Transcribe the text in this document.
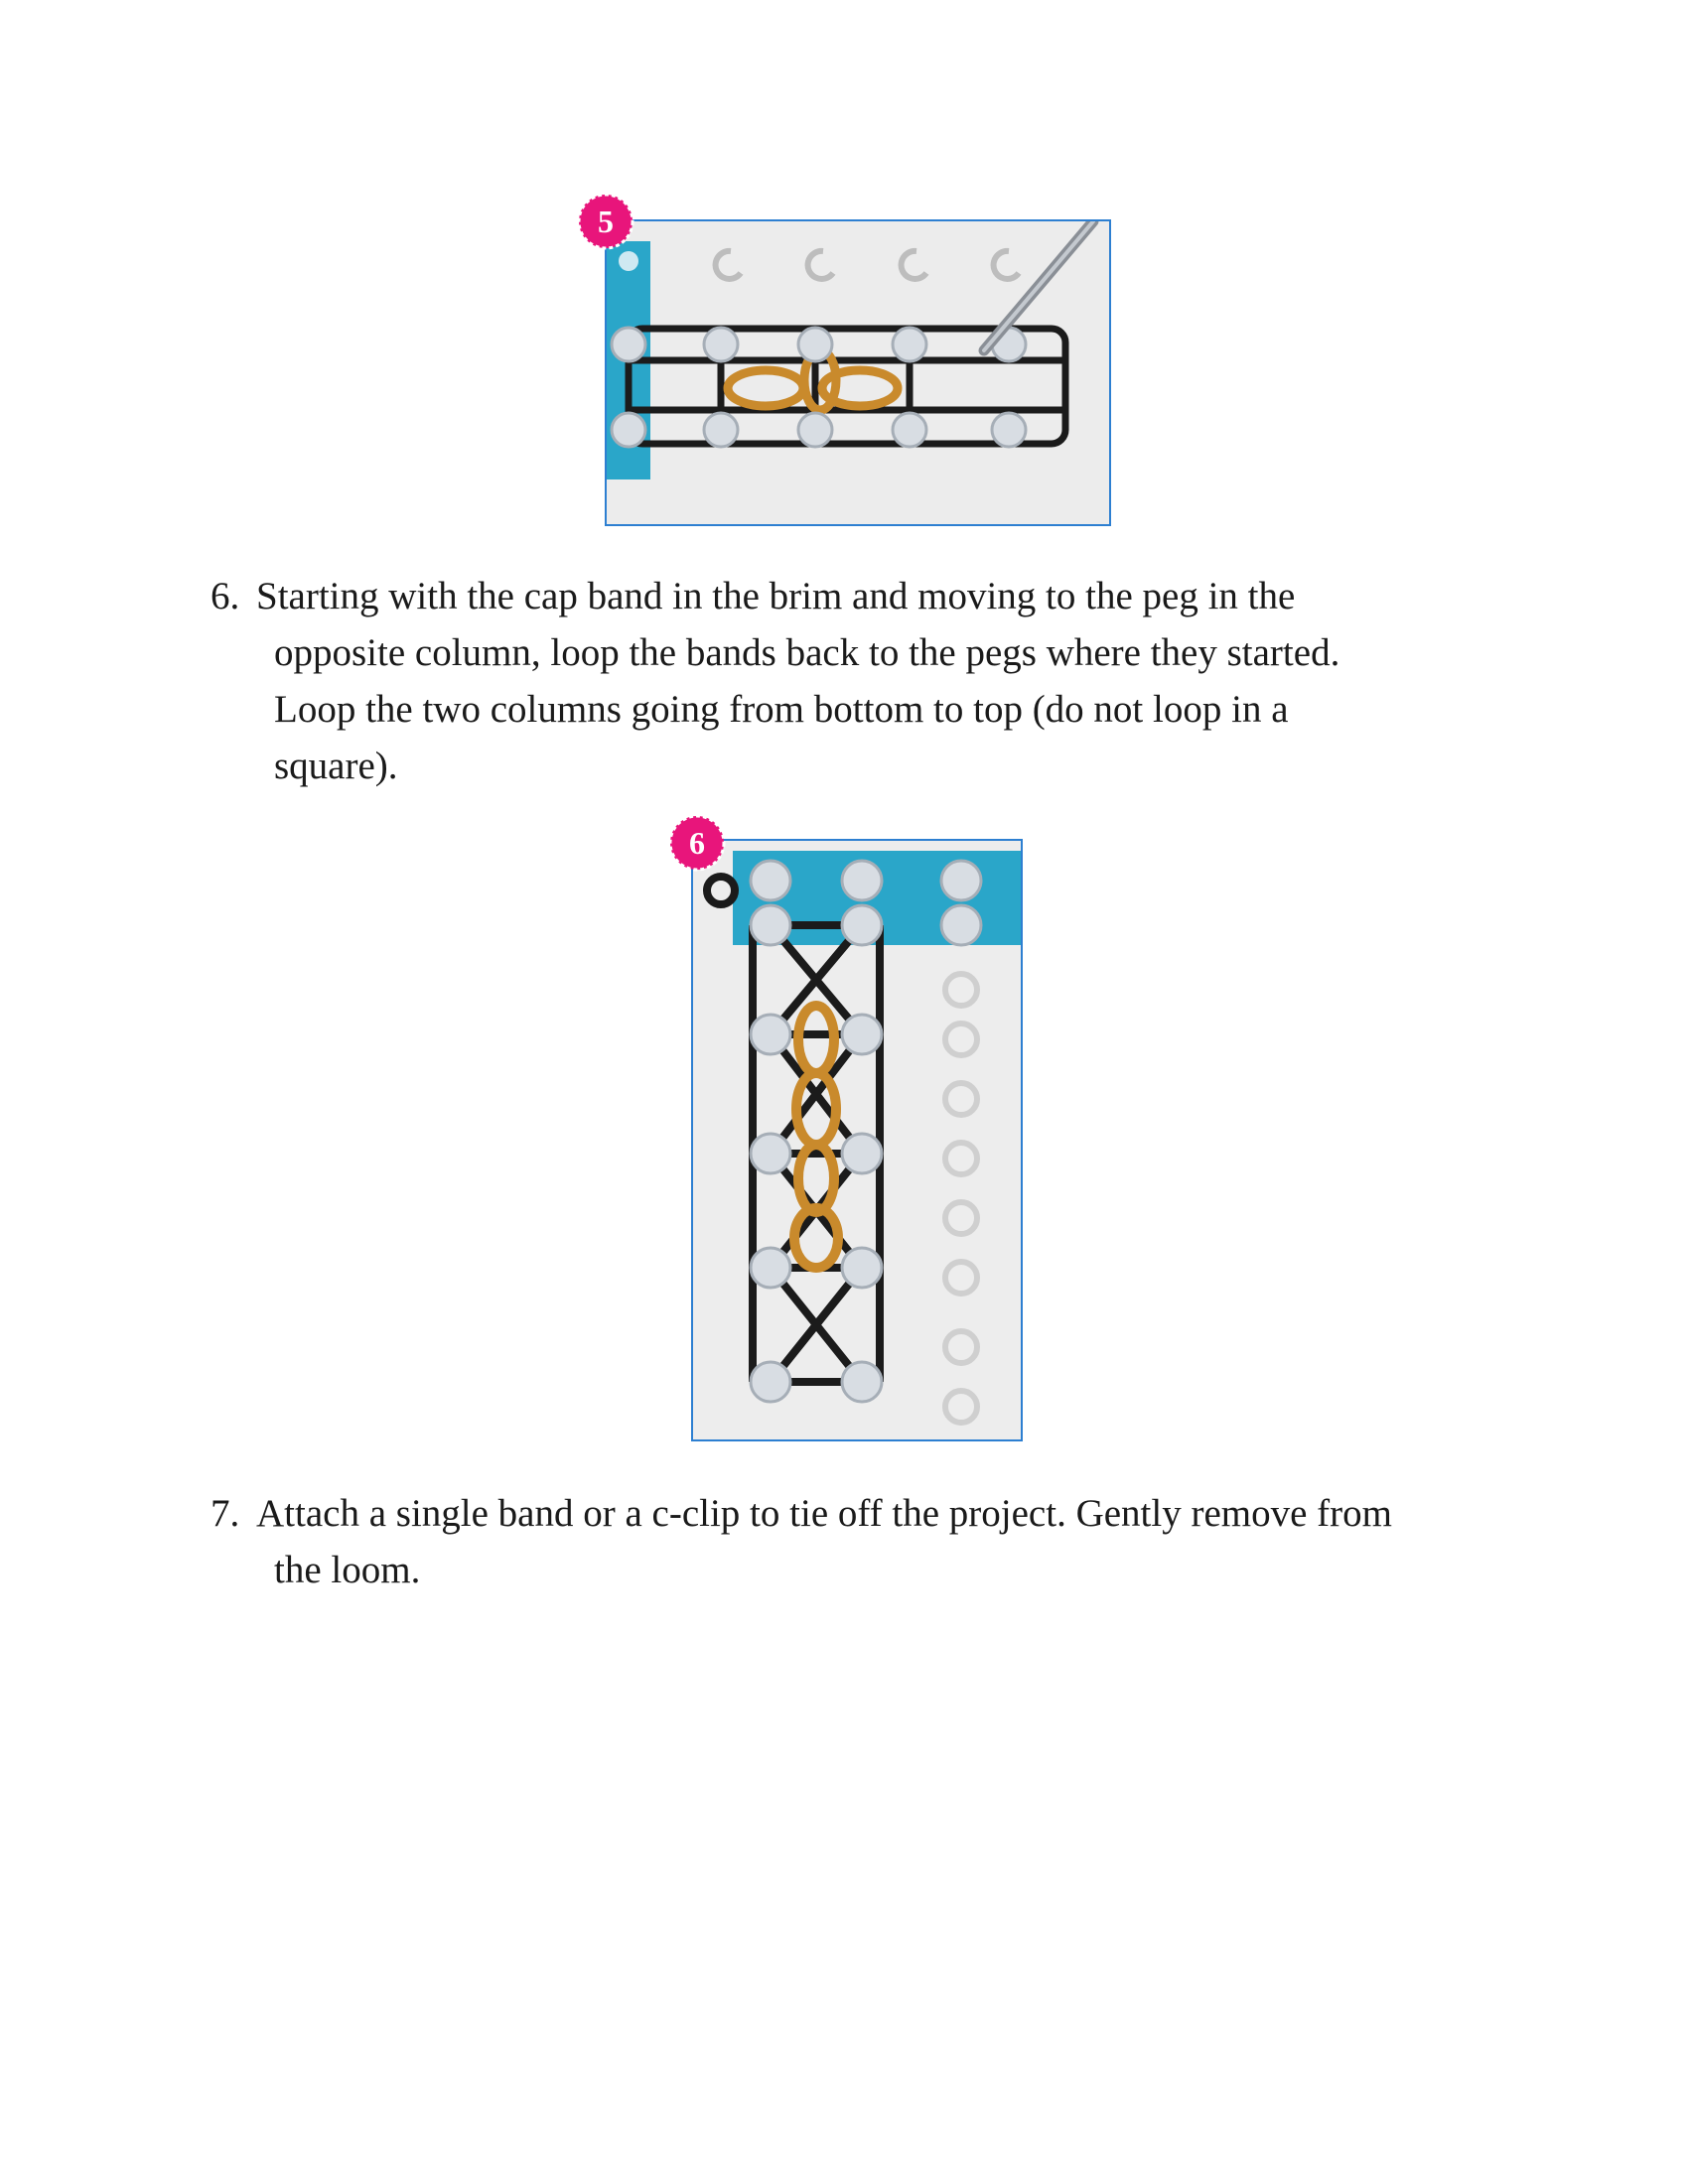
5
6. Starting with the cap band in the brim and moving to the peg in the
opposite column, loop the bands back to the pegs where they started.
Loop the two columns going from bottom to top (do not loop in a
square).
6
7. Attach a single band or a c-clip to tie off the project. Gently remove from
the loom.
